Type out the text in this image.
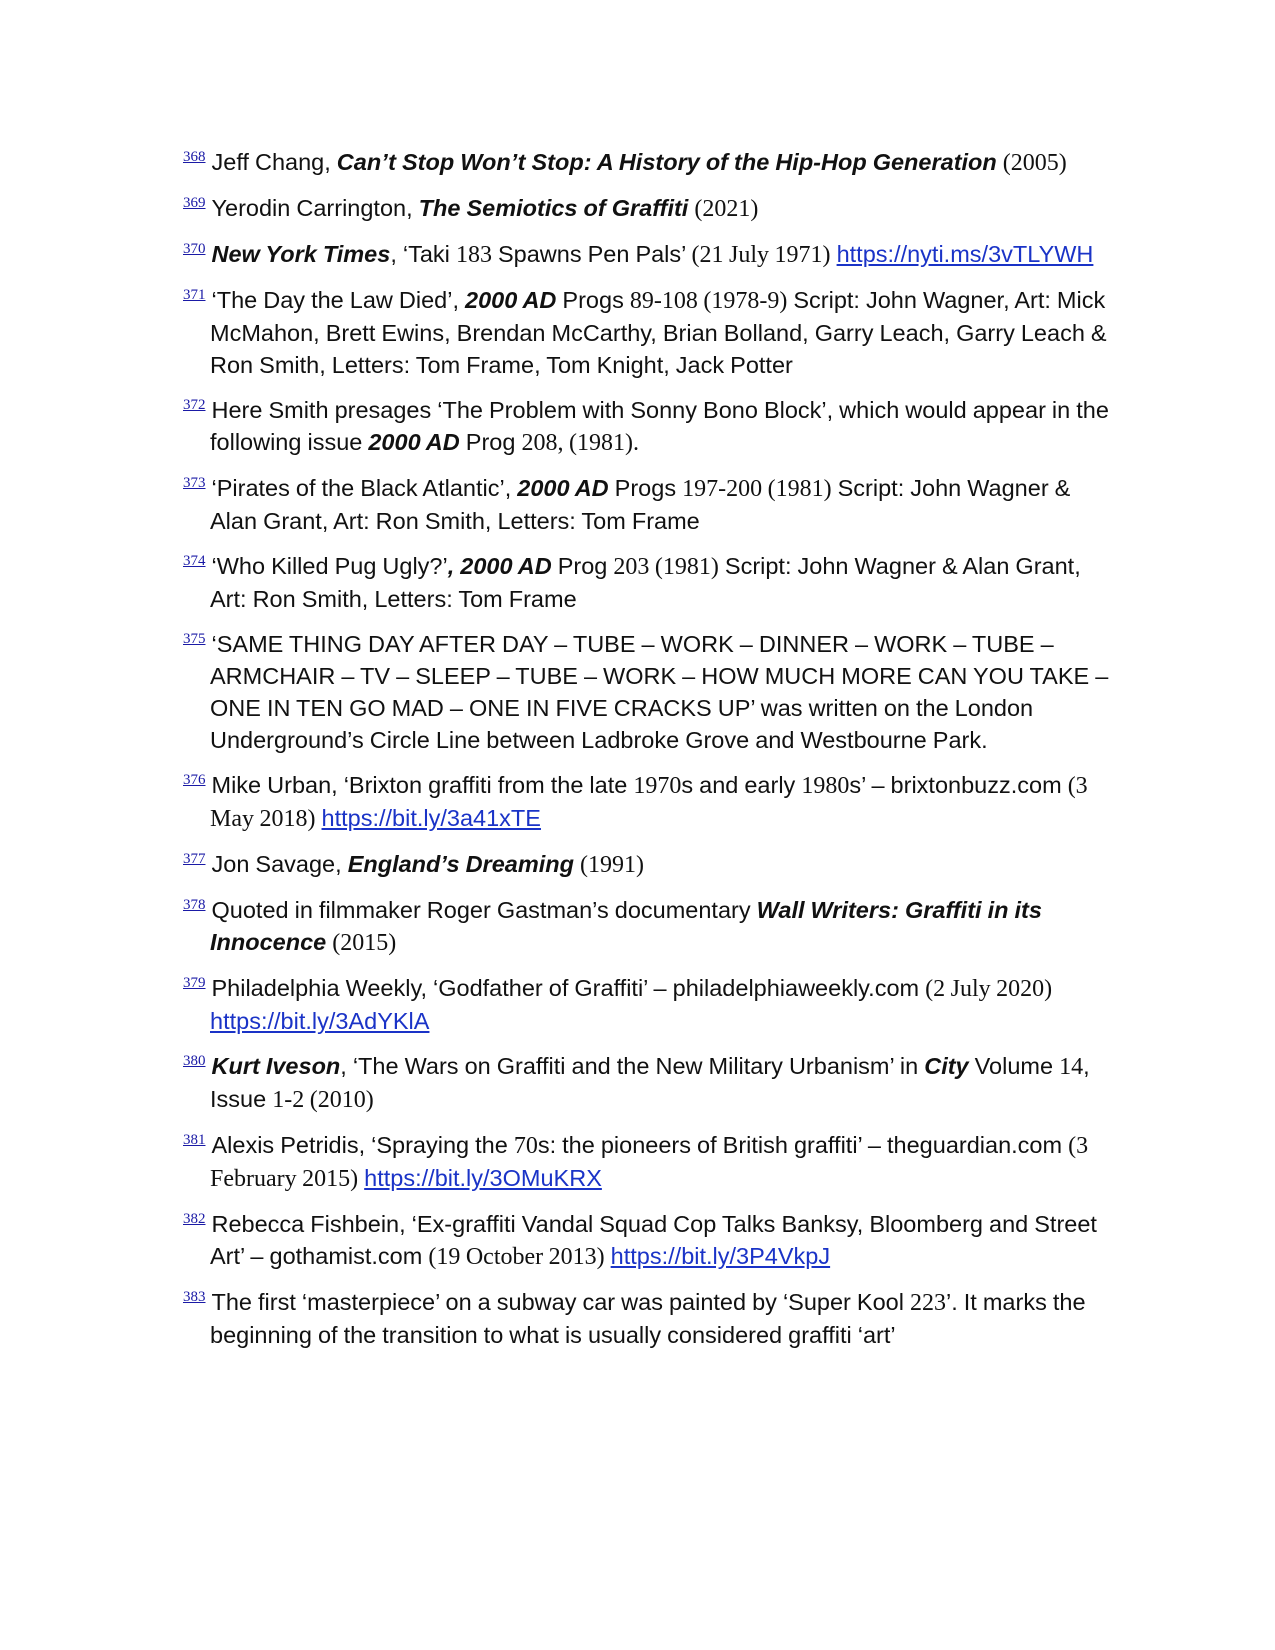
$^{368}$ Jeff Chang, Can’t Stop Won’t Stop: A History of the Hip-Hop Generation (2005)

$^{369}$ Yerodin Carrington, The Semiotics of Graffiti (2021)

$^{370}$ New York Times, ‘Taki 183 Spawns Pen Pals’ (21 July 1971) https://nyti.ms/3vTLYWH

$^{371}$ ‘The Day the Law Died’, 2000 AD Progs 89-108 (1978-9) Script: John Wagner, Art: Mick McMahon, Brett Ewins, Brendan McCarthy, Brian Bolland, Garry Leach, Garry Leach & Ron Smith, Letters: Tom Frame, Tom Knight, Jack Potter

$^{372}$ Here Smith presages ‘The Problem with Sonny Bono Block’, which would appear in the following issue 2000 AD Prog 208, (1981).

$^{373}$ ‘Pirates of the Black Atlantic’, 2000 AD Progs 197-200 (1981) Script: John Wagner & Alan Grant, Art: Ron Smith, Letters: Tom Frame

$^{374}$ ‘Who Killed Pug Ugly?’, 2000 AD Prog 203 (1981) Script: John Wagner & Alan Grant, Art: Ron Smith, Letters: Tom Frame

$^{375}$ ‘SAME THING DAY AFTER DAY – TUBE – WORK – DINNER – WORK – TUBE – ARMCHAIR – TV – SLEEP – TUBE – WORK – HOW MUCH MORE CAN YOU TAKE – ONE IN TEN GO MAD – ONE IN FIVE CRACKS UP’ was written on the London Underground’s Circle Line between Ladbroke Grove and Westbourne Park.

$^{376}$ Mike Urban, ‘Brixton graffiti from the late 1970s and early 1980s’ – brixtonbuzz.com (3 May 2018) https://bit.ly/3a41xTE

$^{377}$ Jon Savage, England’s Dreaming (1991)

$^{378}$ Quoted in filmmaker Roger Gastman’s documentary Wall Writers: Graffiti in its Innocence (2015)

$^{379}$ Philadelphia Weekly, ‘Godfather of Graffiti’ – philadelphiaweekly.com (2 July 2020) https://bit.ly/3AdYKlA

$^{380}$ Kurt Iveson, ‘The Wars on Graffiti and the New Military Urbanism’ in City Volume 14, Issue 1-2 (2010)

$^{381}$ Alexis Petridis, ‘Spraying the 70s: the pioneers of British graffiti’ – theguardian.com (3 February 2015) https://bit.ly/3OMuKRX

$^{382}$ Rebecca Fishbein, ‘Ex-graffiti Vandal Squad Cop Talks Banksy, Bloomberg and Street Art’ – gothamist.com (19 October 2013) https://bit.ly/3P4VkpJ

$^{383}$ The first ‘masterpiece’ on a subway car was painted by ‘Super Kool 223’. It marks the beginning of the transition to what is usually considered graffiti ‘art’
